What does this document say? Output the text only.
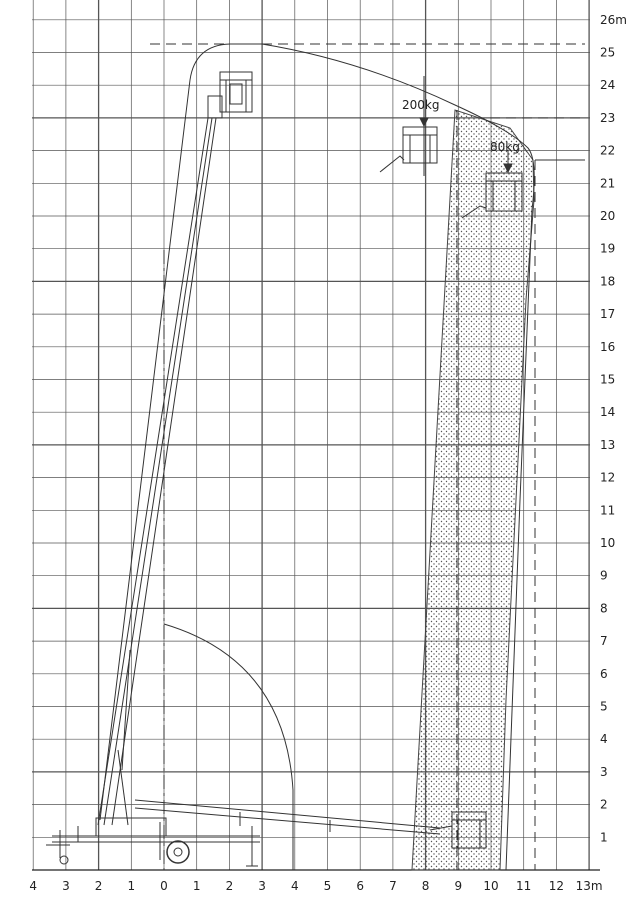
4 3 2 1 0 1 2 3 4 5 6 7 8 9 10 11 12 13m
1
2
3
4
5
6
7
8
9
10
11
12
13
14
15
16
17
18
19
20
21
22
23
24
25
26m
200kg
80kg
